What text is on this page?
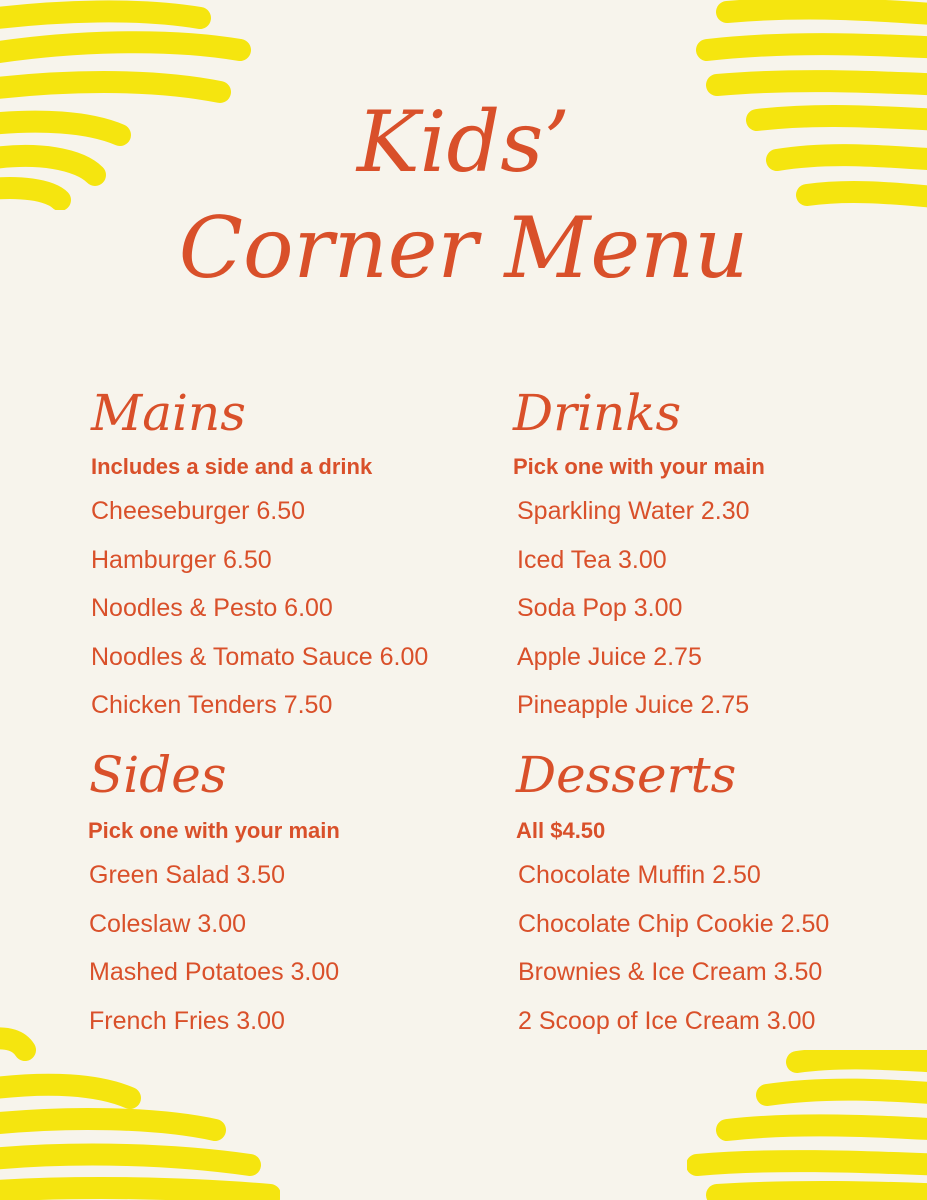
Kids’
Corner Menu
Mains

Includes a side and a drink

Cheeseburger 6.50
Hamburger 6.50
Noodles & Pesto 6.00
Noodles & Tomato Sauce 6.00
Chicken Tenders 7.50
Drinks

Pick one with your main

Sparkling Water 2.30
Iced Tea 3.00
Soda Pop 3.00
Apple Juice 2.75
Pineapple Juice 2.75
Sides

Pick one with your main

Green Salad 3.50
Coleslaw 3.00
Mashed Potatoes 3.00
French Fries 3.00
Desserts

All $4.50

Chocolate Muffin 2.50
Chocolate Chip Cookie 2.50
Brownies & Ice Cream 3.50
2 Scoop of Ice Cream 3.00
